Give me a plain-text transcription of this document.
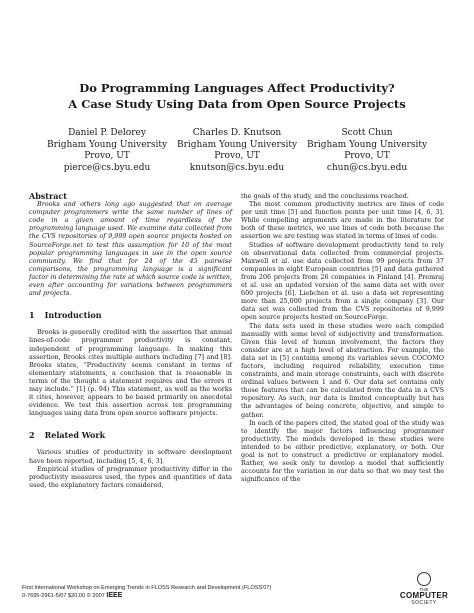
Do Programming Languages Affect Productivity?
A Case Study Using Data from Open Source Projects
Daniel P. Delorey
Brigham Young University
Provo, UT
pierce@cs.byu.edu
Charles D. Knutson
Brigham Young University
Provo, UT
knutson@cs.byu.edu
Scott Chun
Brigham Young University
Provo, UT
chun@cs.byu.edu

Abstract

Brooks and others long ago suggested that on average computer programmers write the same number of lines of code in a given amount of time regardless of the programming language used. We examine data collected from the CVS repositories of 9,999 open source projects hosted on SourceForge.net to test this assumption for 10 of the most popular programming languages in use in the open source community. We find that for 24 of the 45 pairwise comparisons, the programming language is a significant factor in determining the rate at which source code is written, even after accounting for variations between programmers and projects.

1 Introduction

Brooks is generally credited with the assertion that annual lines-of-code programmer productivity is constant, independent of programming language. In making this assertion, Brooks cites multiple authors including [7] and [8]. Brooks states, “Productivity seems constant in terms of elementary statements, a conclusion that is reasonable in terms of the thought a statement requires and the errors it may include.” [1] (p. 94) This statement, as well as the works it cites, however, appears to be based primarily on anecdotal evidence. We test this assertion across ten programming languages using data from open source software projects.

2 Related Work

Various studies of productivity in software development have been reported, including [5, 4, 6, 3].

Empirical studies of programmer productivity differ in the productivity measures used, the types and quantities of data used, the explanatory factors considered,

the goals of the study, and the conclusions reached.

The most common productivity metrics are lines of code per unit time [5] and function points per unit time [4, 6, 3]. While compelling arguments are made in the literature for both of these metrics, we use lines of code both because the assertion we are testing was stated in terms of lines of code.

Studies of software development productivity tend to rely on observational data collected from commercial projects. Maxwell et al. use data collected from 99 projects from 37 companies in eight European countries [5] and data gathered from 206 projects from 26 companies in Finland [4]. Premraj et al. use an updated version of the same data set with over 600 projects [6]. Liebchen et al. use a data set representing more than 25,000 projects from a single company [3]. Our data set was collected from the CVS repositories of 9,999 open source projects hosted on SourceForge.

The data sets used in these studies were each compiled manually with some level of subjectivity and transformation. Given this level of human involvement, the factors they consider are at a high level of abstraction. For example, the data set in [5] contains among its variables seven COCOMO factors, including required reliability, execution time constraints, and main storage constraints, each with discrete ordinal values between 1 and 6. Our data set contains only those features that can be calculated from the data in a CVS repository. As such, our data is limited conceptually but has the advantages of being concrete, objective, and simple to gather.

In each of the papers cited, the stated goal of the study was to identify the major factors influencing programmer productivity. The models developed in these studies were intended to be either predictive, explanatory, or both. Our goal is not to construct a predictive or explanatory model. Rather, we seek only to develop a model that sufficiently accounts for the variation in our data so that we may test the significance of the

First International Workshop on Emerging Trends in FLOSS Research and Development (FLOSS'07)
0-7695-2961-5/07 $20.00 © 2007 IEEE
THE
COMPUTER
SOCIETY
